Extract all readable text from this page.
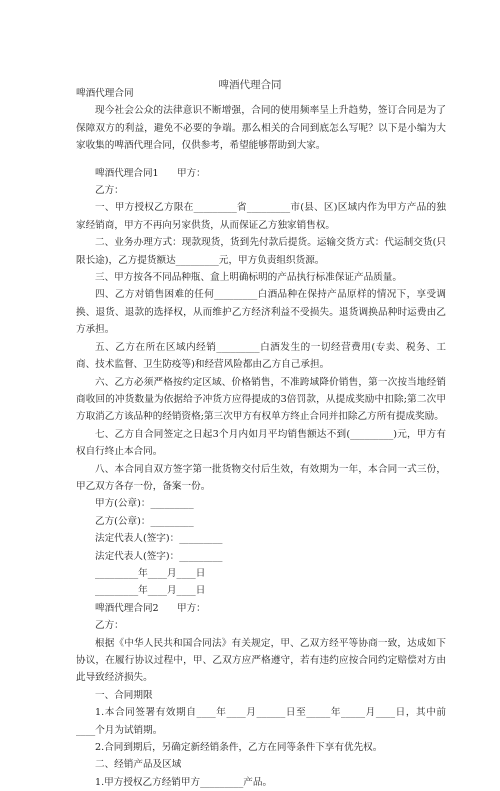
啤酒代理合同

啤酒代理合同

现今社会公众的法律意识不断增强，合同的使用频率呈上升趋势，签订合同是为了保障双方的利益，避免不必要的争端。那么相关的合同到底怎么写呢？以下是小编为大家收集的啤酒代理合同，仅供参考，希望能够帮助到大家。

啤酒代理合同1 甲方：

乙方：

一、甲方授权乙方限在_________省_________市(县、区)区域内作为甲方产品的独家经销商，甲方不再向另家供货，从而保证乙方独家销售权。

二、业务办理方式：现款现货，货到先付款后提货。运输交货方式：代运制交货(只限长途)，乙方提货额达_________元，甲方负责组织货源。

三、甲方按各不同品种瓶、盒上明确标明的产品执行标准保证产品质量。

四、乙方对销售困难的任何_________白酒品种在保持产品原样的情况下，享受调换、退货、退款的选择权，从而维护乙方经济利益不受损失。退货调换品种时运费由乙方承担。

五、乙方在所在区域内经销_________白酒发生的一切经营费用(专卖、税务、工商、技术监督、卫生防疫等)和经营风险都由乙方自己承担。

六、乙方必须严格按约定区域、价格销售，不准跨域降价销售，第一次按当地经销商收回的冲货数量为依据给予冲货方应得提成的3倍罚款，从提成奖励中扣除;第二次甲方取消乙方该品种的经销资格;第三次甲方有权单方终止合同并扣除乙方所有提成奖励。

七、乙方自合同签定之日起3个月内如月平均销售额达不到(_________)元，甲方有权自行终止本合同。

八、本合同自双方签字第一批货物交付后生效，有效期为一年，本合同一式三份，甲乙双方各存一份，备案一份。

甲方(公章)：_________

乙方(公章)：_________

法定代表人(签字)：_________

法定代表人(签字)：_________

_________年____月____日

_________年____月____日

啤酒代理合同2 甲方：

乙方：

根据《中华人民共和国合同法》有关规定，甲、乙双方经平等协商一致，达成如下协议，在履行协议过程中，甲、乙双方应严格遵守，若有违约应按合同约定赔偿对方由此导致经济损失。

一、合同期限

1.本合同签署有效期自____年____月______日至_____年_____月____日，其中前____个月为试销期。

2.合同到期后，另确定新经销条件，乙方在同等条件下享有优先权。

二、经销产品及区域

1.甲方授权乙方经销甲方_________产品。
